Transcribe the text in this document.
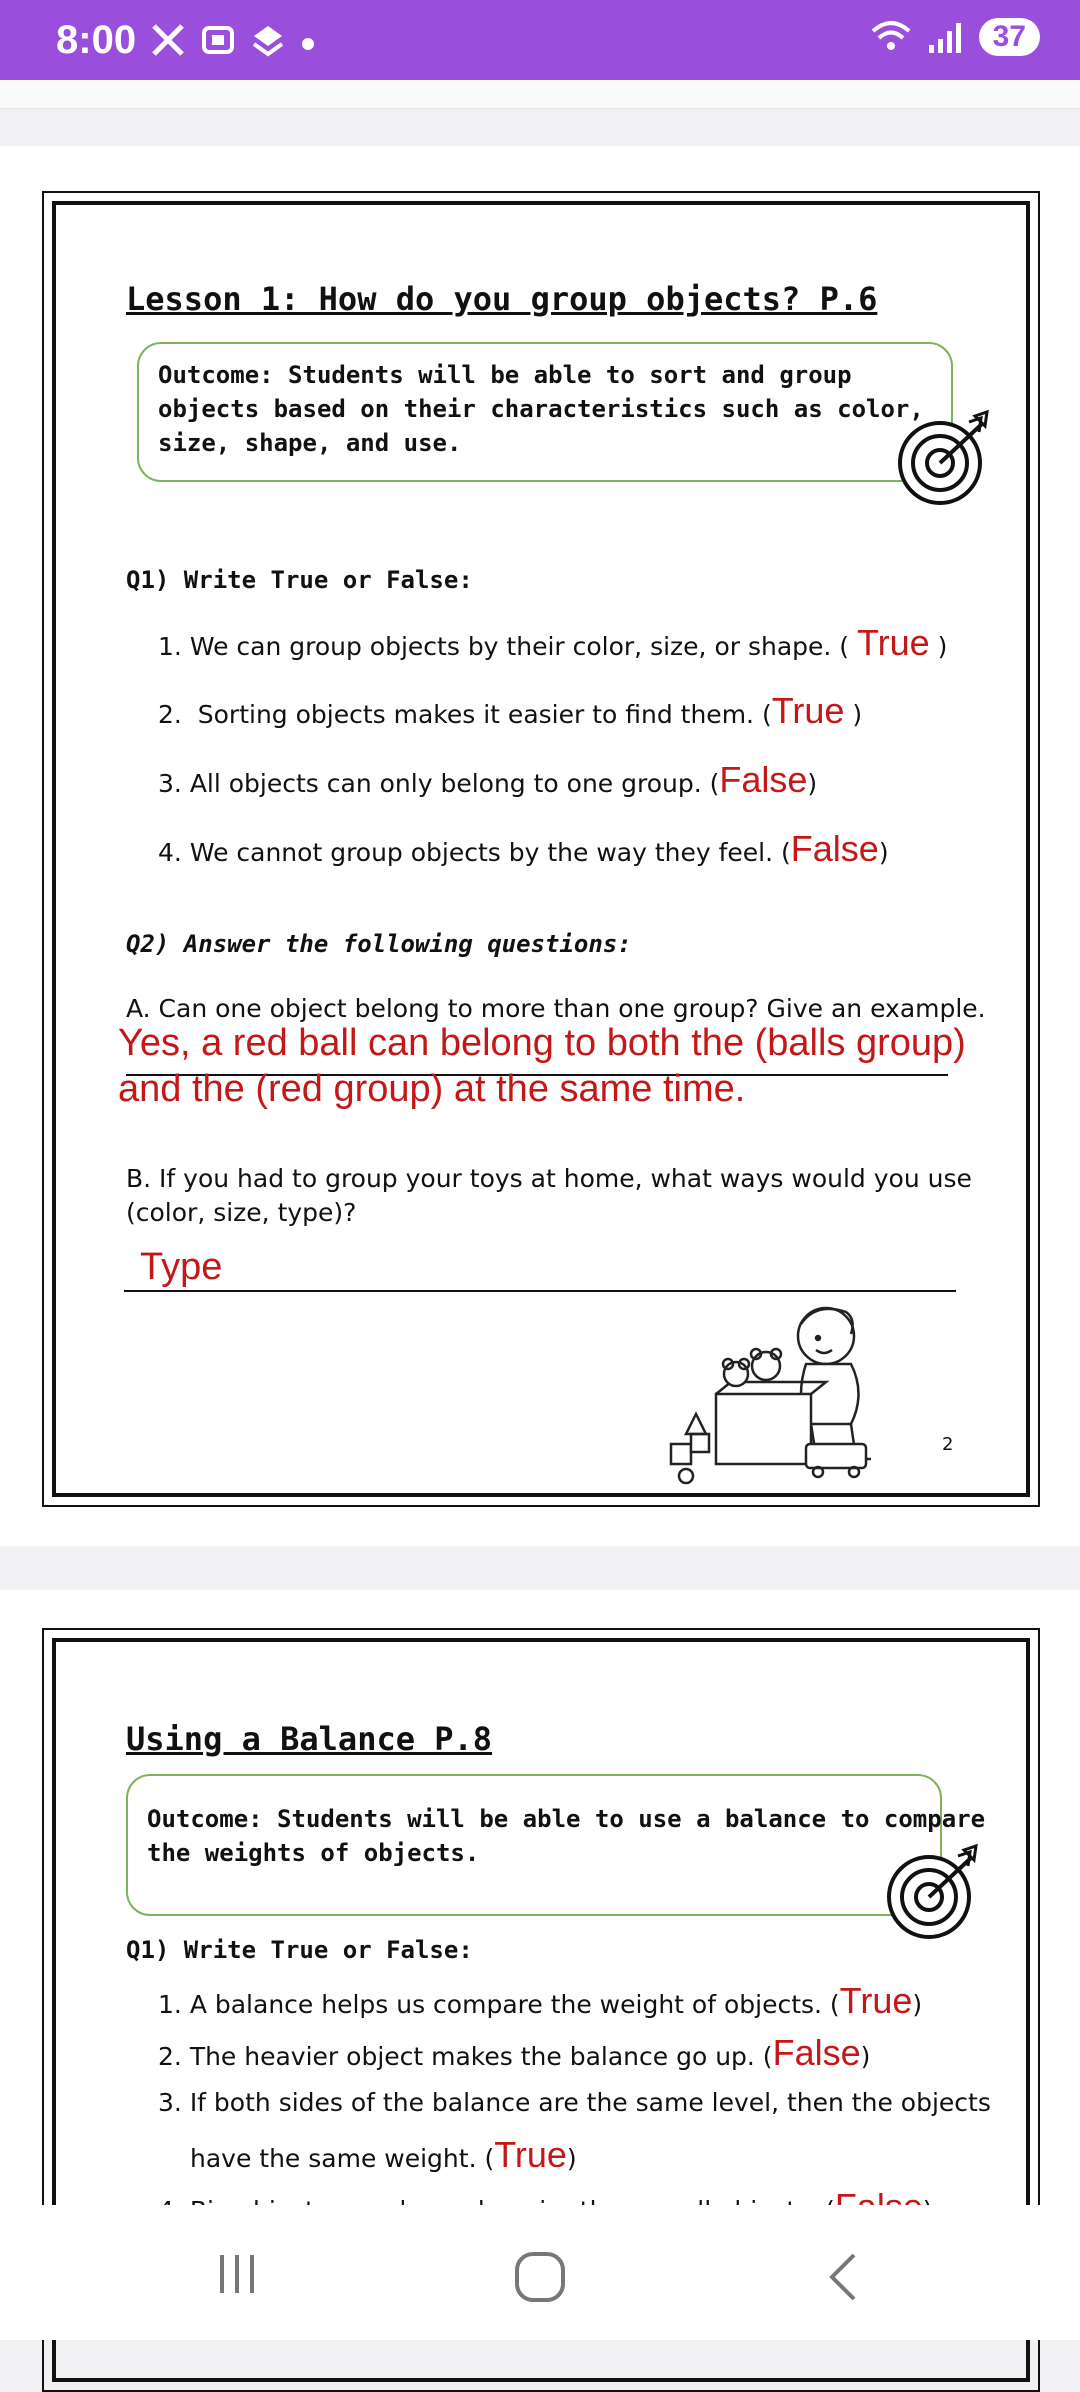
8:00	37
Lesson 1: How do you group objects? P.6
Outcome: Students will be able to sort and group objects based on their characteristics such as color, size, shape, and use.
Q1) Write True or False:
1. We can group objects by their color, size, or shape. ( True )
2. Sorting objects makes it easier to find them. (True )
3. All objects can only belong to one group. (False)
4. We cannot group objects by the way they feel. (False)
Q2) Answer the following questions:
A. Can one object belong to more than one group? Give an example.
Yes, a red ball can belong to both the (balls group)
and the (red group) at the same time.
B. If you had to group your toys at home, what ways would you use
(color, size, type)?
Type
2
Using a Balance P.8
Outcome: Students will be able to use a balance to compare
the weights of objects.
Q1) Write True or False:
1. A balance helps us compare the weight of objects. (True)
2. The heavier object makes the balance go up. (False)
3. If both sides of the balance are the same level, then the objects
have the same weight. (True)
